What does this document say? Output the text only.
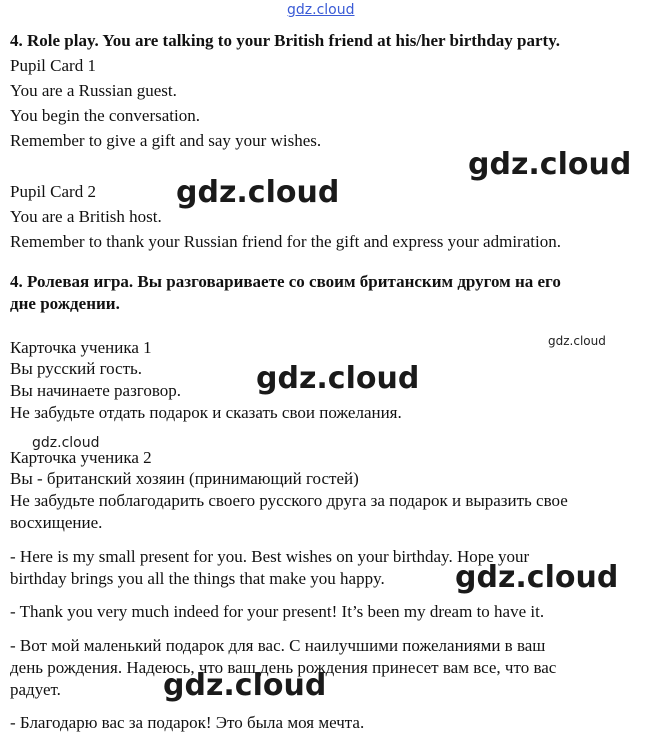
gdz.cloud
4. Role play. You are talking to your British friend at his/her birthday party.
Pupil Card 1
You are a Russian guest.
You begin the conversation.
Remember to give a gift and say your wishes.
Pupil Card 2
You are a British host.
Remember to thank your Russian friend for the gift and express your admiration.
4. Ролевая игра. Вы разговариваете со своим британским другом на его
дне рождении.
Карточка ученика 1
Вы русский гость.
Вы начинаете разговор.
Не забудьте отдать подарок и сказать свои пожелания.
Карточка ученика 2
Вы - британский хозяин (принимающий гостей)
Не забудьте поблагодарить своего русского друга за подарок и выразить свое
восхищение.
- Here is my small present for you. Best wishes on your birthday. Hope your
birthday brings you all the things that make you happy.
- Thank you very much indeed for your present! It’s been my dream to have it.
- Вот мой маленький подарок для вас. С наилучшими пожеланиями в ваш
день рождения. Надеюсь, что ваш день рождения принесет вам все, что вас
радует.
- Благодарю вас за подарок! Это была моя мечта.
gdz.cloud
gdz.cloud
gdz.cloud
gdz.cloud
gdz.cloud
gdz.cloud
gdz.cloud
